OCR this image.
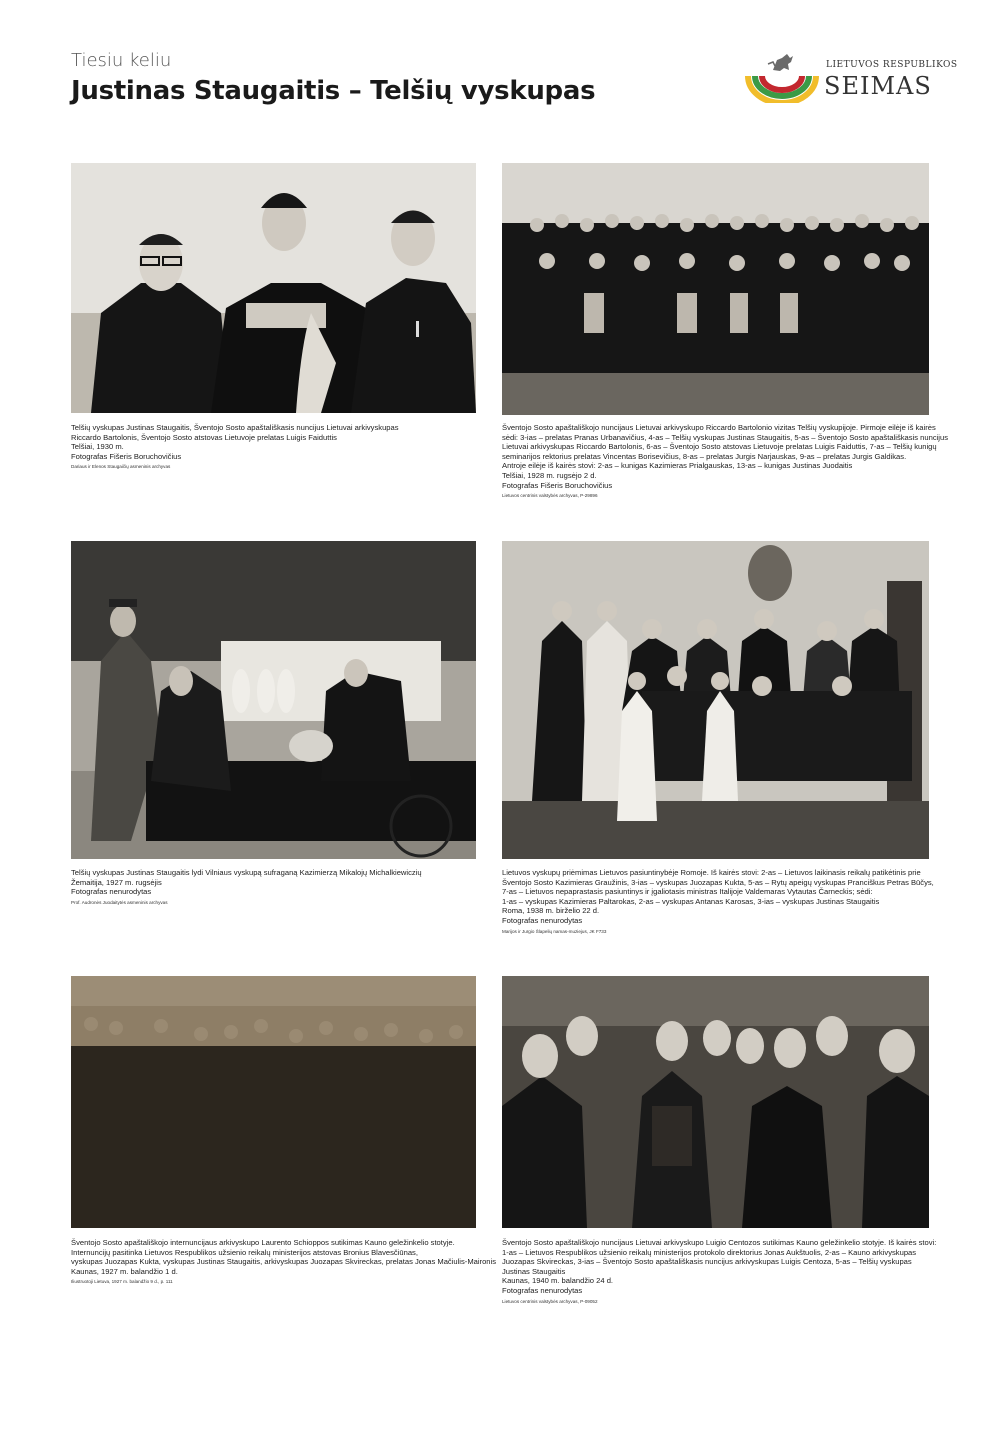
Tiesiu keliu
Justinas Staugaitis – Telšių vyskupas
LIETUVOS RESPUBLIKOS
SEIMAS
Telšių vyskupas Justinas Staugaitis, Šventojo Sosto apaštališkasis nuncijus Lietuvai arkivyskupas
Riccardo Bartolonis, Šventojo Sosto atstovas Lietuvoje prelatas Luigis Faiduttis
Telšiai, 1930 m.
Fotografas Fišeris Boruchovičius
Dariaus ir Elenos Staugaičių asmeninis archyvas
Šventojo Sosto apaštališkojo nuncijaus Lietuvai arkivyskupo Riccardo Bartolonio vizitas Telšių vyskupijoje. Pirmoje eilėje iš kairės
sėdi: 3-ias – prelatas Pranas Urbanavičius, 4-as – Telšių vyskupas Justinas Staugaitis, 5-as – Šventojo Sosto apaštališkasis nuncijus
Lietuvai arkivyskupas Riccardo Bartolonis, 6-as – Šventojo Sosto atstovas Lietuvoje prelatas Luigis Faiduttis, 7-as – Telšių kunigų
seminarijos rektorius prelatas Vincentas Borisevičius, 8-as – prelatas Jurgis Narjauskas, 9-as – prelatas Jurgis Galdikas.
Antroje eilėje iš kairės stovi: 2-as – kunigas Kazimieras Prialgauskas, 13-as – kunigas Justinas Juodaitis
Telšiai, 1928 m. rugsėjo 2 d.
Fotografas Fišeris Boruchovičius
Lietuvos centrinis valstybės archyvas, P-29896
Telšių vyskupas Justinas Staugaitis lydi Vilniaus vyskupą sufraganą Kazimierzą Mikalojų Michalkiewiczių
Žemaitija, 1927 m. rugsėjis
Fotografas nenurodytas
Prof. Audronės Juodaitytės asmeninis archyvas
Lietuvos vyskupų priėmimas Lietuvos pasiuntinybėje Romoje. Iš kairės stovi: 2-as – Lietuvos laikinasis reikalų patikėtinis prie
Šventojo Sosto Kazimieras Graužinis, 3-ias – vyskupas Juozapas Kukta, 5-as – Rytų apeigų vyskupas Pranciškus Petras Būčys,
7-as – Lietuvos nepaprastasis pasiuntinys ir įgaliotasis ministras Italijoje Valdemaras Vytautas Čarneckis; sėdi:
1-as – vyskupas Kazimieras Paltarokas, 2-as – vyskupas Antanas Karosas, 3-ias – vyskupas Justinas Staugaitis
Roma, 1938 m. birželio 22 d.
Fotografas nenurodytas
Marijos ir Jurgio Šlapelių namas-muziejus, JK F733
Šventojo Sosto apaštališkojo internuncijaus arkivyskupo Laurento Schioppos sutikimas Kauno geležinkelio stotyje.
Internuncijų pasitinka Lietuvos Respublikos užsienio reikalų ministerijos atstovas Bronius Blavesčiūnas,
vyskupas Juozapas Kukta, vyskupas Justinas Staugaitis, arkivyskupas Juozapas Skvireckas, prelatas Jonas Mačiulis-Maironis
Kaunas, 1927 m. balandžio 1 d.
Iliustruotoji Lietuva, 1927 m. balandžio 9 d., p. 111
Šventojo Sosto apaštališkojo nuncijaus Lietuvai arkivyskupo Luigio Centozos sutikimas Kauno geležinkelio stotyje. Iš kairės stovi:
1-as – Lietuvos Respublikos užsienio reikalų ministerijos protokolo direktorius Jonas Aukštuolis, 2-as – Kauno arkivyskupas
Juozapas Skvireckas, 3-ias – Šventojo Sosto apaštališkasis nuncijus arkivyskupas Luigis Centoza, 5-as – Telšių vyskupas
Justinas Staugaitis
Kaunas, 1940 m. balandžio 24 d.
Fotografas nenurodytas
Lietuvos centrinis valstybės archyvas, P-09052
